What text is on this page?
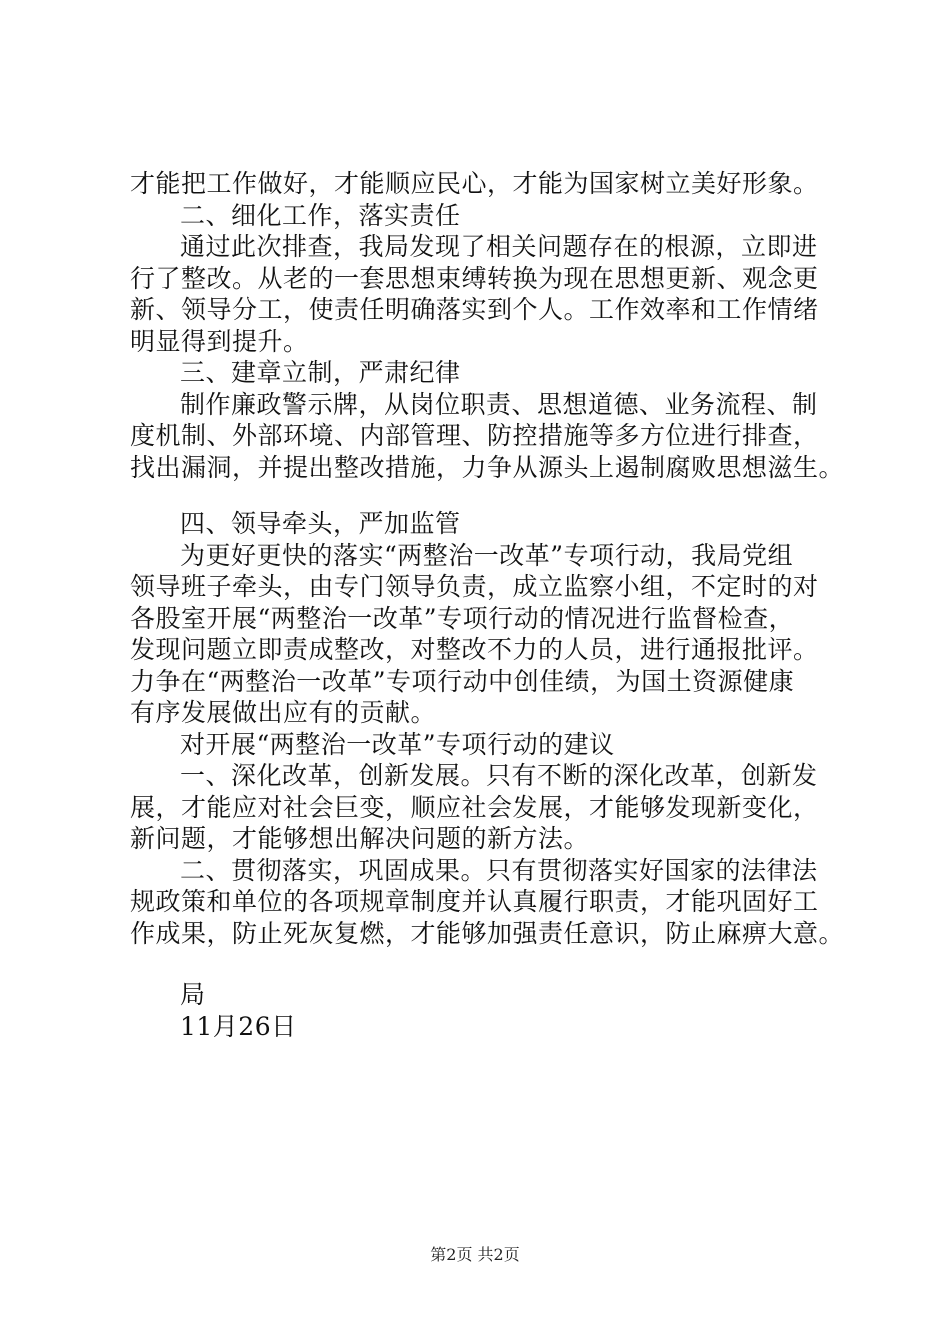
才能把工作做好，才能顺应民心，才能为国家树立美好形象。
二、细化工作，落实责任
通过此次排查，我局发现了相关问题存在的根源，立即进
行了整改。从老的一套思想束缚转换为现在思想更新、观念更
新、领导分工，使责任明确落实到个人。工作效率和工作情绪
明显得到提升。
三、建章立制，严肃纪律
制作廉政警示牌，从岗位职责、思想道德、业务流程、制
度机制、外部环境、内部管理、防控措施等多方位进行排查，
找出漏洞，并提出整改措施，力争从源头上遏制腐败思想滋生。
四、领导牵头，严加监管
为更好更快的落实“两整治一改革”专项行动，我局党组
领导班子牵头，由专门领导负责，成立监察小组，不定时的对
各股室开展“两整治一改革”专项行动的情况进行监督检查，
发现问题立即责成整改，对整改不力的人员，进行通报批评。
力争在“两整治一改革”专项行动中创佳绩，为国土资源健康
有序发展做出应有的贡献。
对开展“两整治一改革”专项行动的建议
一、深化改革，创新发展。只有不断的深化改革，创新发
展，才能应对社会巨变，顺应社会发展，才能够发现新变化，
新问题，才能够想出解决问题的新方法。
二、贯彻落实，巩固成果。只有贯彻落实好国家的法律法
规政策和单位的各项规章制度并认真履行职责，才能巩固好工
作成果，防止死灰复燃，才能够加强责任意识，防止麻痹大意。
局
11月26日
第2页 共2页
